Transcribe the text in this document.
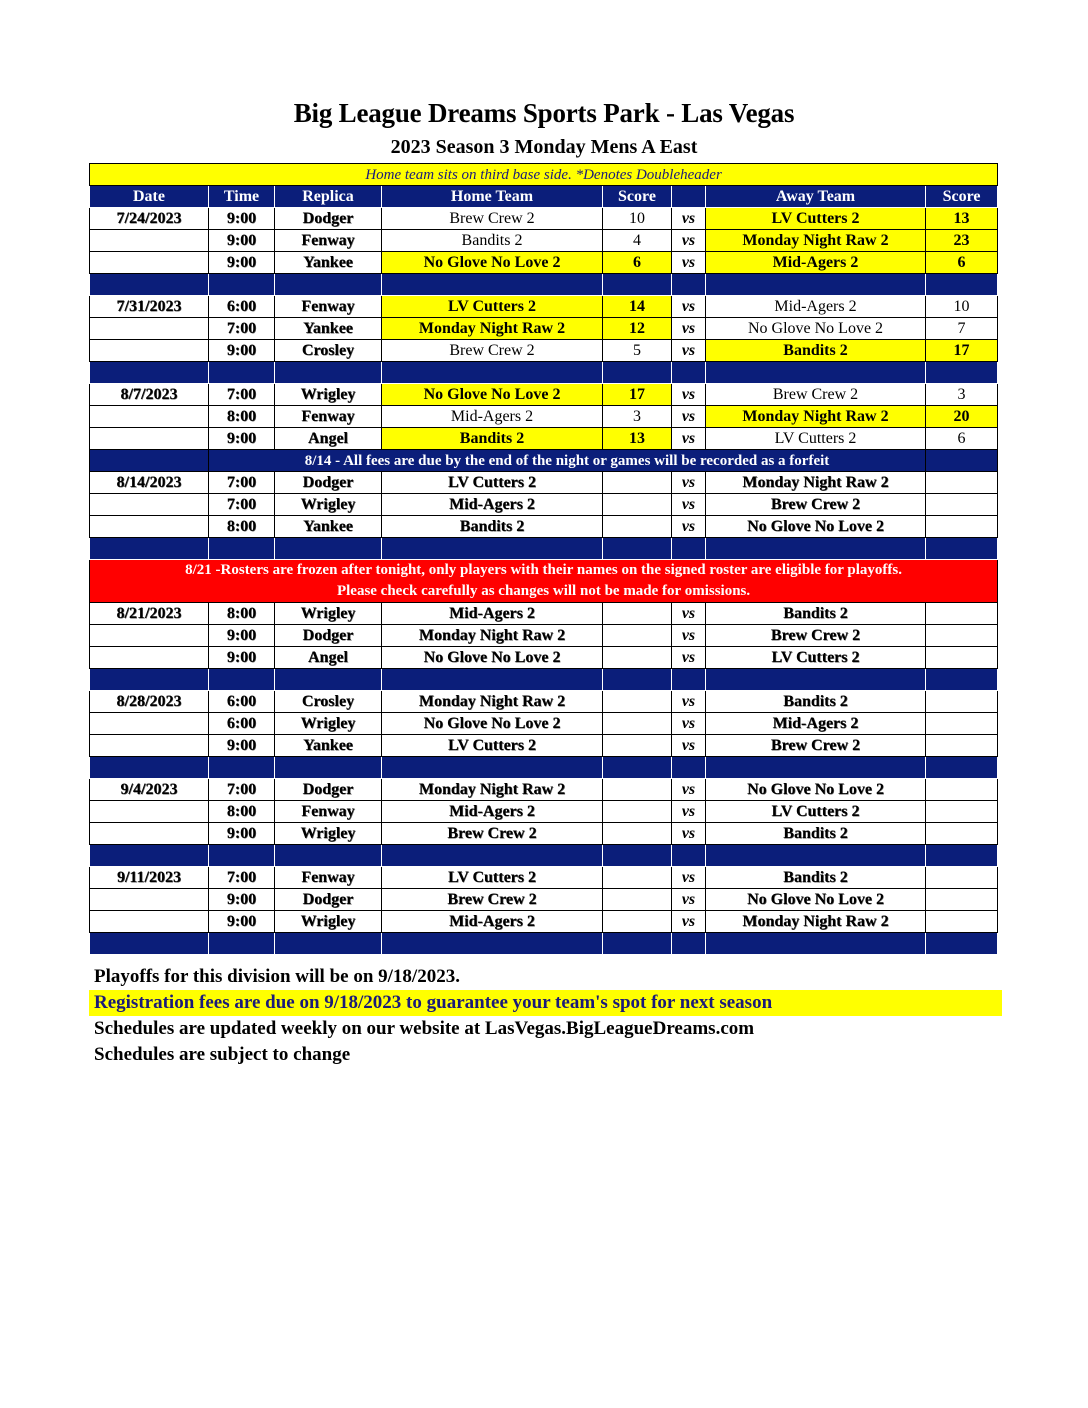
Big League Dreams Sports Park - Las Vegas
2023 Season 3 Monday Mens A East
Home team sits on third base side. *Denotes Doubleheader							
Date	Time	Replica	Home Team	Score		Away Team	Score
7/24/2023	9:00	Dodger	Brew Crew 2	10	vs	LV Cutters 2	13
	9:00	Fenway	Bandits 2	4	vs	Monday Night Raw 2	23
	9:00	Yankee	No Glove No Love 2	6	vs	Mid-Agers 2	6

7/31/2023	6:00	Fenway	LV Cutters 2	14	vs	Mid-Agers 2	10
	7:00	Yankee	Monday Night Raw 2	12	vs	No Glove No Love 2	7
	9:00	Crosley	Brew Crew 2	5	vs	Bandits 2	17

8/7/2023	7:00	Wrigley	No Glove No Love 2	17	vs	Brew Crew 2	3
	8:00	Fenway	Mid-Agers 2	3	vs	Monday Night Raw 2	20
	9:00	Angel	Bandits 2	13	vs	LV Cutters 2	6
	8/14 - All fees are due by the end of the night or games will be recorded as a forfeit						
8/14/2023	7:00	Dodger	LV Cutters 2		vs	Monday Night Raw 2	
	7:00	Wrigley	Mid-Agers 2		vs	Brew Crew 2	
	8:00	Yankee	Bandits 2		vs	No Glove No Love 2	

8/21 -Rosters are frozen after tonight, only players with their names on the signed roster are eligible for playoffs.
Please check carefully as changes will not be made for omissions.							

8/21/2023	8:00	Wrigley	Mid-Agers 2		vs	Bandits 2	
	9:00	Dodger	Monday Night Raw 2		vs	Brew Crew 2	
	9:00	Angel	No Glove No Love 2		vs	LV Cutters 2	

8/28/2023	6:00	Crosley	Monday Night Raw 2		vs	Bandits 2	
	6:00	Wrigley	No Glove No Love 2		vs	Mid-Agers 2	
	9:00	Yankee	LV Cutters 2		vs	Brew Crew 2	

9/4/2023	7:00	Dodger	Monday Night Raw 2		vs	No Glove No Love 2	
	8:00	Fenway	Mid-Agers 2		vs	LV Cutters 2	
	9:00	Wrigley	Brew Crew 2		vs	Bandits 2	

9/11/2023	7:00	Fenway	LV Cutters 2		vs	Bandits 2	
	9:00	Dodger	Brew Crew 2		vs	No Glove No Love 2	
	9:00	Wrigley	Mid-Agers 2		vs	Monday Night Raw 2	

Playoffs for this division will be on 9/18/2023.
Registration fees are due on 9/18/2023 to guarantee your team's spot for next season
Schedules are updated weekly on our website at LasVegas.BigLeagueDreams.com
Schedules are subject to change
